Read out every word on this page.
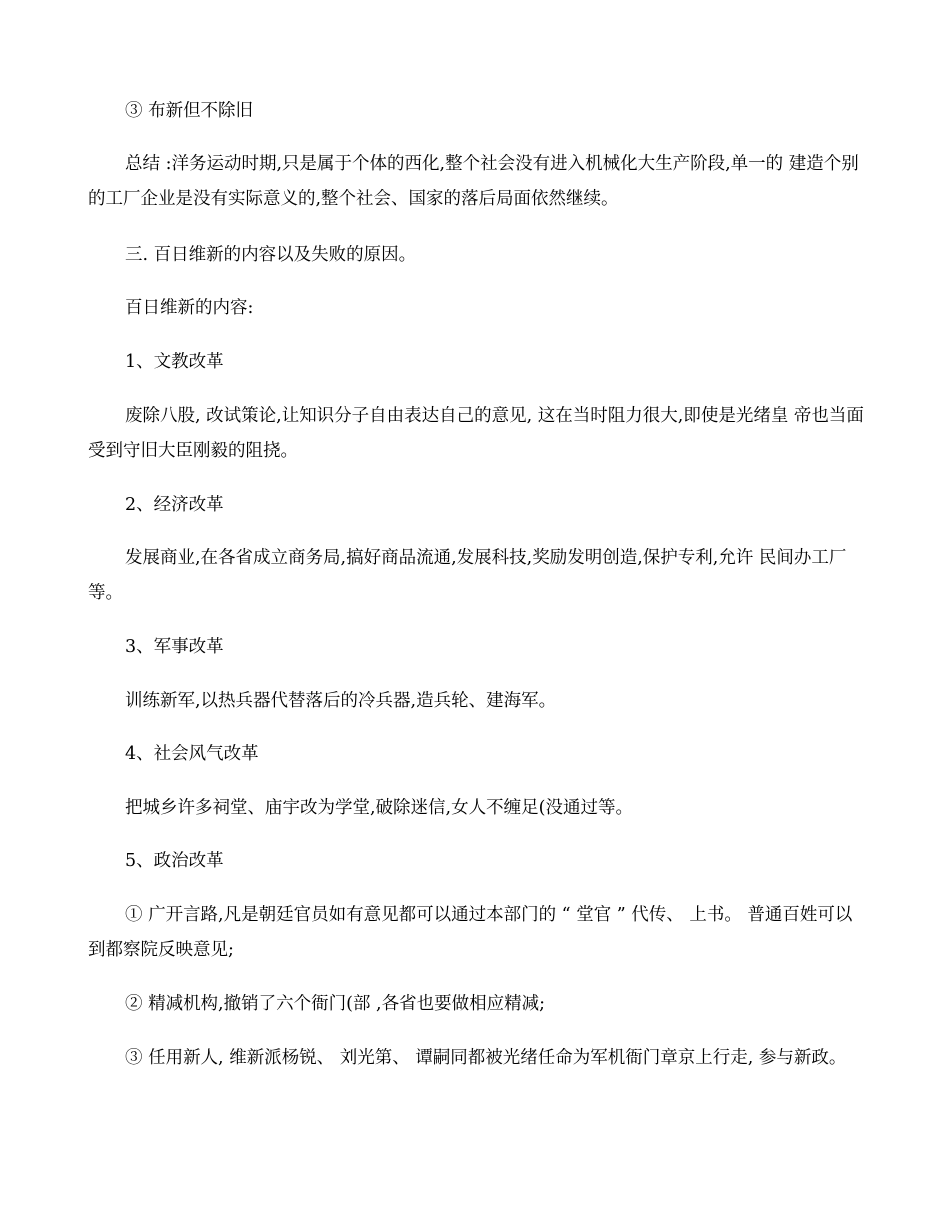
③ 布新但不除旧

总结 :洋务运动时期,只是属于个体的西化,整个社会没有进入机械化大生产阶段,单一的 建造个别的工厂企业是没有实际意义的,整个社会、国家的落后局面依然继续。

三. 百日维新的内容以及失败的原因。

百日维新的内容:

1、文教改革

废除八股, 改试策论,让知识分子自由表达自己的意见, 这在当时阻力很大,即使是光绪皇 帝也当面受到守旧大臣刚毅的阻挠。

2、经济改革

发展商业,在各省成立商务局,搞好商品流通,发展科技,奖励发明创造,保护专利,允许 民间办工厂等。

3、军事改革

训练新军,以热兵器代替落后的冷兵器,造兵轮、建海军。

4、社会风气改革

把城乡许多祠堂、庙宇改为学堂,破除迷信,女人不缠足(没通过等。

5、政治改革

① 广开言路,凡是朝廷官员如有意见都可以通过本部门的 “ 堂官 ” 代传、 上书。 普通百姓可以 到都察院反映意见;

② 精减机构,撤销了六个衙门(部 ,各省也要做相应精减;

③ 任用新人, 维新派杨锐、 刘光第、 谭嗣同都被光绪任命为军机衙门章京上行走, 参与新政。
